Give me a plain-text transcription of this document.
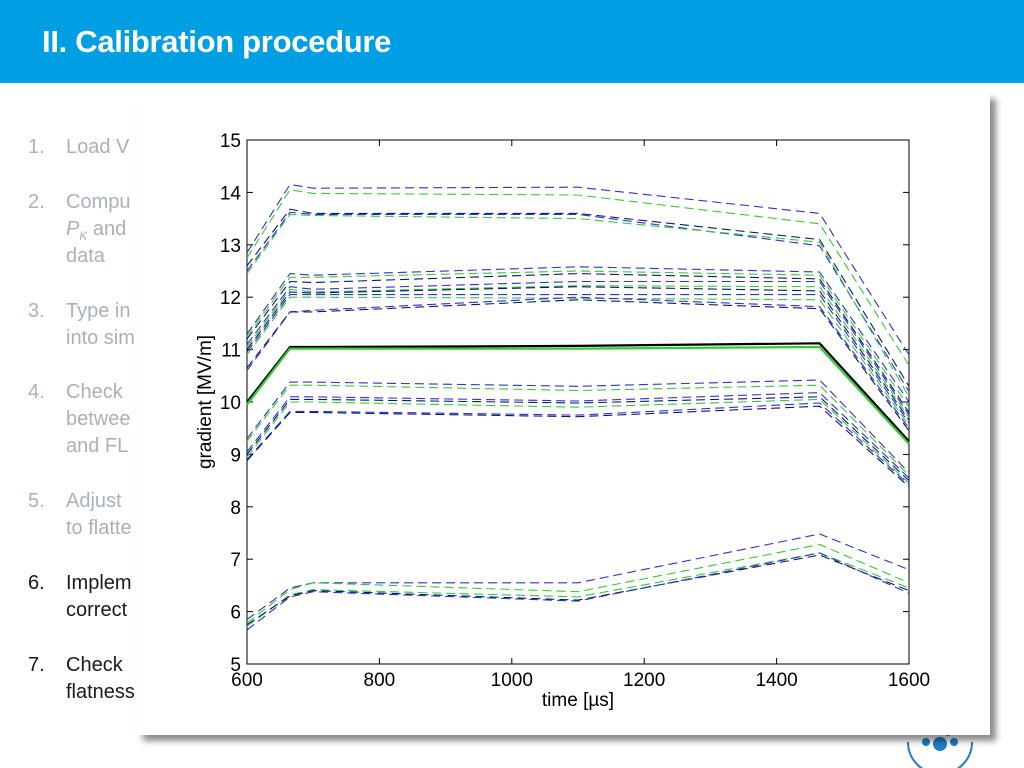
II. Calibration procedure
1. Load V
2. Compu
$P_K$ and
data
3. Type in
into sim
4. Check
betwee
and FL
5. Adjust
to flatte
6. Implem
correct
7. Check
flatness
600	800	1000	1200	1400	1600
5
6
7
8
9
10
11
12
13
14
15
time [µs]
gradient [MV/m]
